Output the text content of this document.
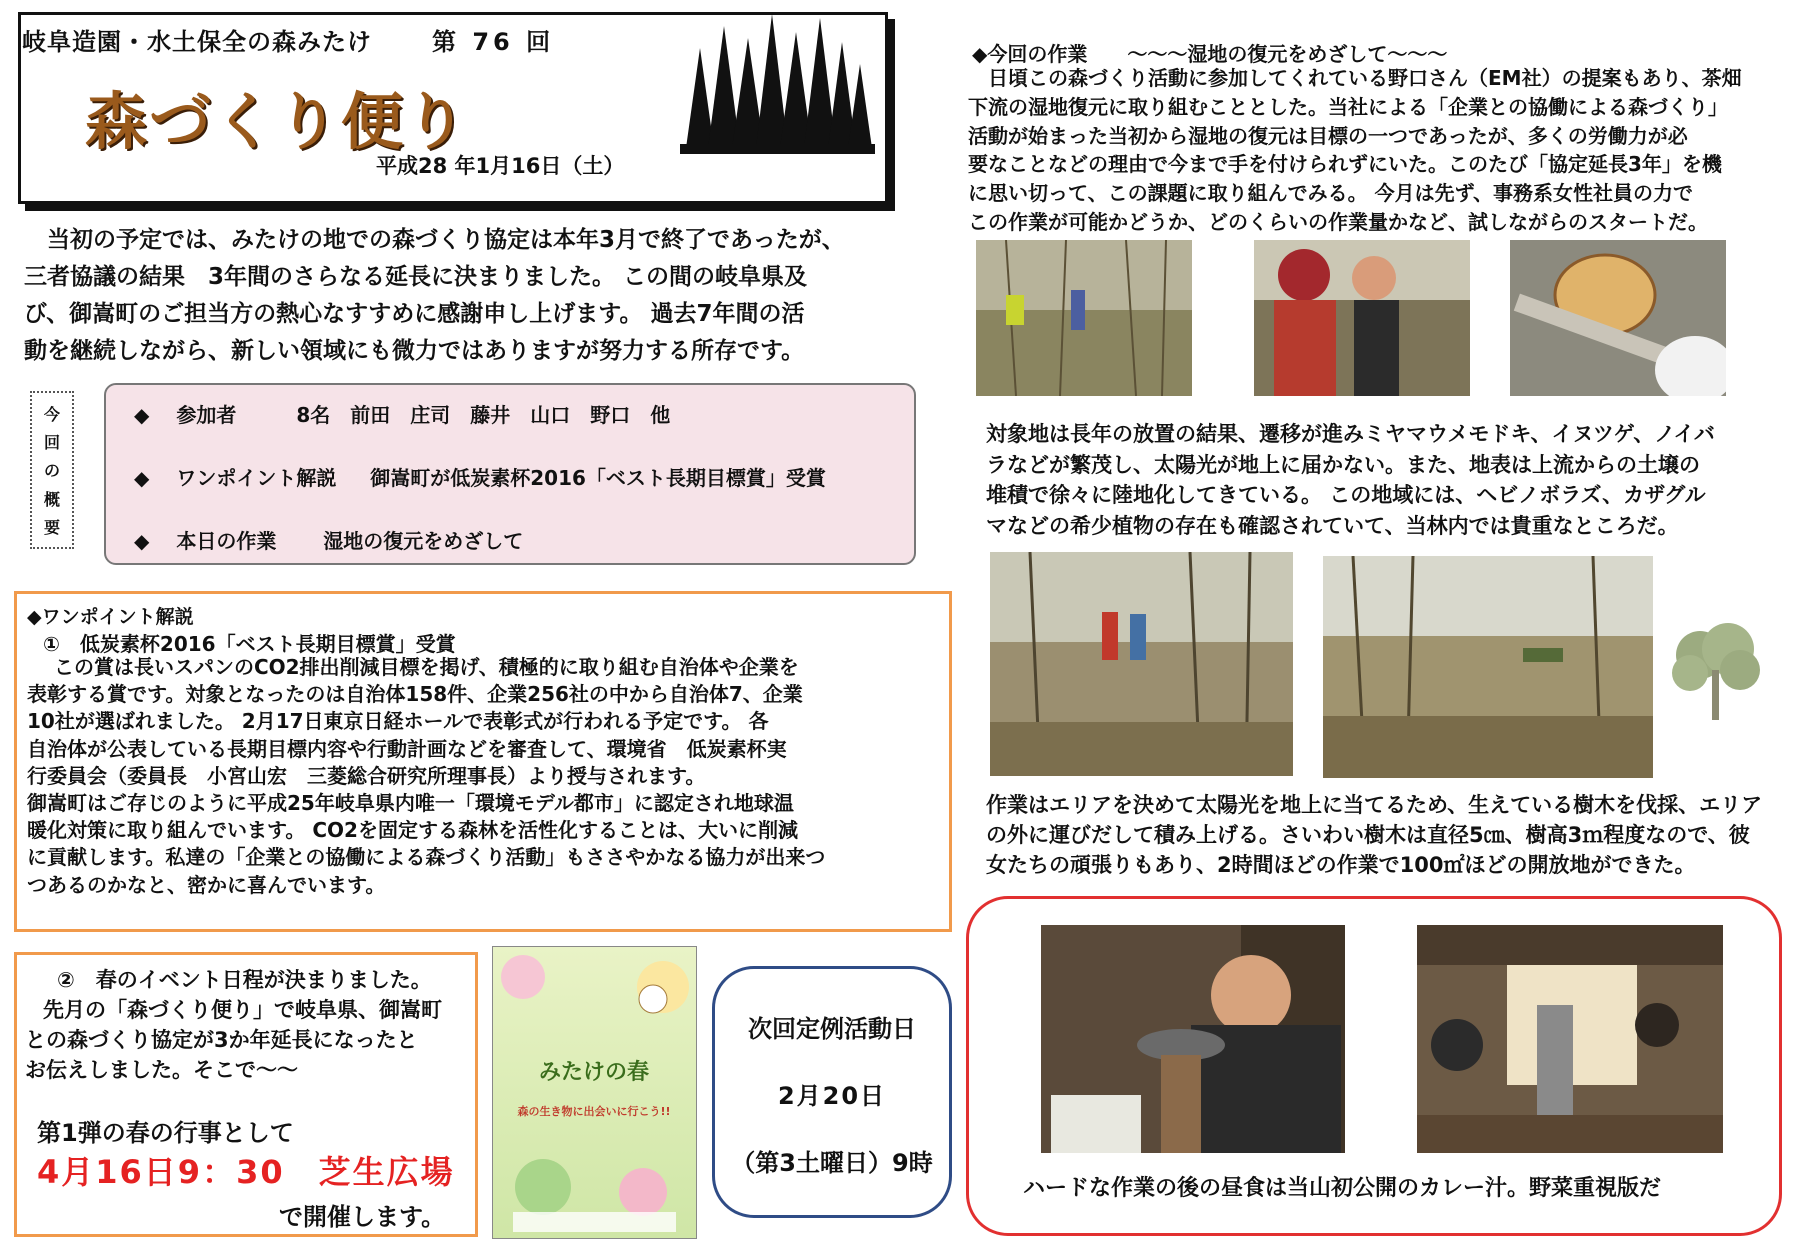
岐阜造園・水土保全の森みたけ	第 76 回
森づくり便り
平成28 年1月16日（土）

　当初の予定では、みたけの地での森づくり協定は本年3月で終了であったが、

三者協議の結果　3年間のさらなる延長に決まりました。 この間の岐阜県及

び、御嵩町のご担当方の熱心なすすめに感謝申し上げます。 過去7年間の活

動を継続しながら、新しい領域にも微力ではありますが努力する所存です。

今
回
の
概
要
◆　 参加者　　　8名　前田　庄司　藤井　山口　野口　他
◆　 ワンポイント解説　  御嵩町が低炭素杯2016「ベスト長期目標賞」受賞
◆　 本日の作業　　 湿地の復元をめざして
◆ワンポイント解説
①　低炭素杯2016「ベスト長期目標賞」受賞

　 この賞は長いスパンのCO2排出削減目標を掲げ、積極的に取り組む自治体や企業を

表彰する賞です。対象となったのは自治体158件、企業256社の中から自治体7、企業

10社が選ばれました。 2月17日東京日経ホールで表彰式が行われる予定です。 各

自治体が公表している長期目標内容や行動計画などを審査して、環境省　低炭素杯実

行委員会（委員長　小宮山宏　三菱総合研究所理事長）より授与されます。

御嵩町はご存じのように平成25年岐阜県内唯一「環境モデル都市」に認定され地球温

暖化対策に取り組んでいます。 CO2を固定する森林を活性化することは、大いに削減

に貢献します。私達の「企業との協働による森づくり活動」もささやかなる協力が出来つ

つあるのかなと、密かに喜んでいます。

②　春のイベント日程が決まりました。

先月の「森づくり便り」で岐阜県、御嵩町

との森づくり協定が3か年延長になったと

お伝えしました。そこで～～

第1弾の春の行事として
4月16日9：30　芝生広場
で開催します。
みたけの春
森の生き物に出会いに行こう!!
次回定例活動日
2月20日
（第3土曜日）9時
◆今回の作業　　～～～湿地の復元をめざして～～～

日頃この森づくり活動に参加してくれている野口さん（EM社）の提案もあり、茶畑

下流の湿地復元に取り組むこととした。当社による「企業との協働による森づくり」

活動が始まった当初から湿地の復元は目標の一つであったが、多くの労働力が必

要なことなどの理由で今まで手を付けられずにいた。このたび「協定延長3年」を機

に思い切って、この課題に取り組んでみる。 今月は先ず、事務系女性社員の力で

この作業が可能かどうか、どのくらいの作業量かなど、試しながらのスタートだ。

対象地は長年の放置の結果、遷移が進みミヤマウメモドキ、イヌツゲ、ノイバ

ラなどが繁茂し、太陽光が地上に届かない。また、地表は上流からの土壌の

堆積で徐々に陸地化してきている。 この地域には、ヘビノボラズ、カザグル

マなどの希少植物の存在も確認されていて、当林内では貴重なところだ。

作業はエリアを決めて太陽光を地上に当てるため、生えている樹木を伐採、エリア

の外に運びだして積み上げる。さいわい樹木は直径5㎝、樹高3ｍ程度なので、彼

女たちの頑張りもあり、2時間ほどの作業で100㎡ほどの開放地ができた。

ハードな作業の後の昼食は当山初公開のカレー汁。野菜重視版だ
